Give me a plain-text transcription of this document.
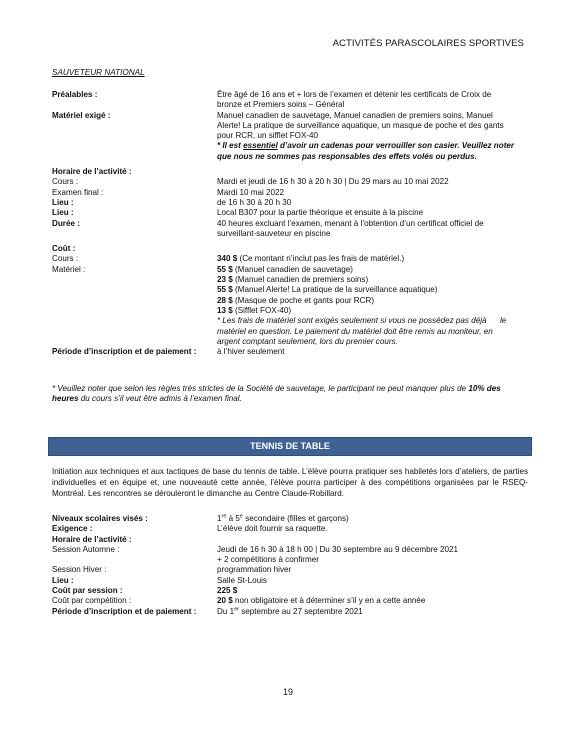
ACTIVITÉS PARASCOLAIRES SPORTIVES
SAUVETEUR NATIONAL
Préalables :	Être âgé de 16 ans et + lors de l’examen et détenir les certificats de Croix de
bronze et Premiers soins – Général
Matériel exigé :	Manuel canadien de sauvetage, Manuel canadien de premiers soins, Manuel
Alerte! La pratique de surveillance aquatique, un masque de poche et des gants
pour RCR, un sifflet FOX-40
* Il est essentiel d’avoir un cadenas pour verrouiller son casier. Veuillez noter
que nous ne sommes pas responsables des effets volés ou perdus.
Horaire de l’activité :
Cours :	Mardi et jeudi de 16 h 30 à 20 h 30 | Du 29 mars au 10 mai 2022
Examen final :	Mardi 10 mai 2022
Lieu :	de 16 h 30 à 20 h 30
Lieu :	Local B307 pour la partie théorique et ensuite à la piscine
Durée :	40 heures excluant l’examen, menant à l’obtention d’un certificat officiel de
surveillant-sauveteur en piscine
Coût :
Cours :	340 $ (Ce montant n’inclut pas les frais de matériel.)
Matériel :	55 $ (Manuel canadien de sauvetage)
23 $ (Manuel canadien de premiers soins)
55 $ (Manuel Alerte! La pratique de la surveillance aquatique)
28 $ (Masque de poche et gants pour RCR)
13 $ (Sifflet FOX-40)
* Les frais de matériel sont exigés seulement si vous ne possédez pas déjà      le
matériel en question. Le paiement du matériel doit être remis au moniteur, en
argent comptant seulement, lors du premier cours.
Période d’inscription et de paiement :	à l’hiver seulement
* Veuillez noter que selon les règles très strictes de la Société de sauvetage, le participant ne peut manquer plus de 10% des heures du cours s’il veut être admis à l’examen final.
TENNIS DE TABLE
Initiation aux techniques et aux tactiques de base du tennis de table. L’élève pourra pratiquer ses habiletés lors d’ateliers, de parties individuelles et en équipe et, une nouveauté cette année, l’élève pourra participer à des compétitions organisées par le RSEQ-Montréal. Les rencontres se dérouleront le dimanche au Centre Claude-Robillard.
Niveaux scolaires visés :	1re à 5e secondaire (filles et garçons)
Exigence :	L’élève doit fournir sa raquette.
Horaire de l’activité :
Session Automne :	Jeudi de 16 h 30 à 18 h 00 | Du 30 septembre au 9 décembre 2021
+ 2 compétitions à confirmer
Session Hiver :	programmation hiver
Lieu :	Salle St-Louis
Coût par session :	225 $
Coût par compétition :	20 $ non obligatoire et à déterminer s’il y en a cette année
Période d’inscription et de paiement :	Du 1er septembre au 27 septembre 2021
19
